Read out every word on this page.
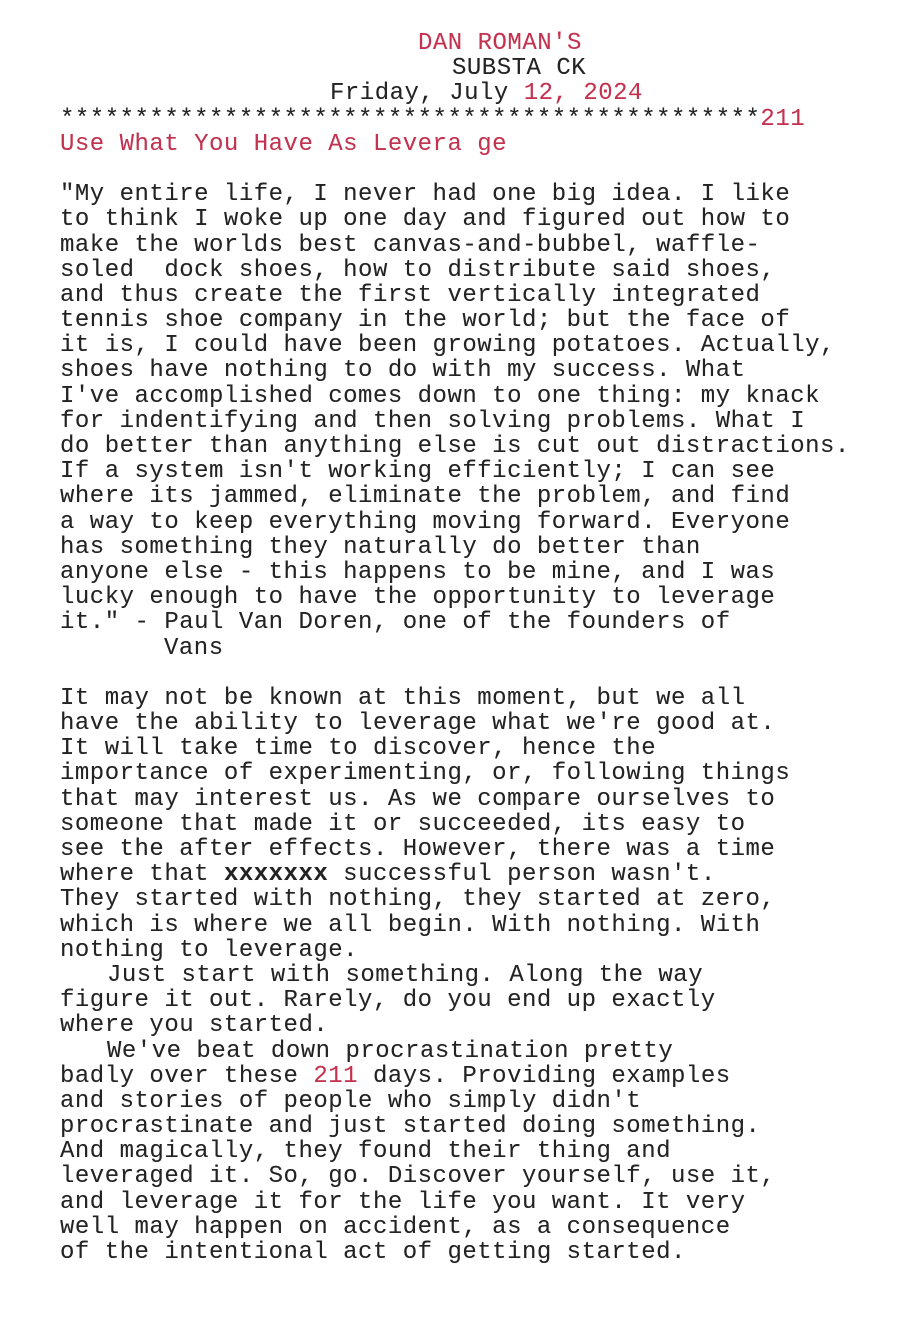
DAN ROMAN'S
SUBSTA CK
Friday, July 12, 2024
***********************************************211
Use What You Have As Levera ge
"My entire life, I never had one big idea. I like
to think I woke up one day and figured out how to
make the worlds best canvas-and-bubbel, waffle-
soled  dock shoes, how to distribute said shoes,
and thus create the first vertically integrated
tennis shoe company in the world; but the face of
it is, I could have been growing potatoes. Actually,
shoes have nothing to do with my success. What
I've accomplished comes down to one thing: my knack
for indentifying and then solving problems. What I
do better than anything else is cut out distractions.
If a system isn't working efficiently; I can see
where its jammed, eliminate the problem, and find
a way to keep everything moving forward. Everyone
has something they naturally do better than
anyone else - this happens to be mine, and I was
lucky enough to have the opportunity to leverage
it." - Paul Van Doren, one of the founders of
Vans
It may not be known at this moment, but we all
have the ability to leverage what we're good at.
It will take time to discover, hence the
importance of experimenting, or, following things
that may interest us. As we compare ourselves to
someone that made it or succeeded, its easy to
see the after effects. However, there was a time
where that xxxxxxx successful person wasn't.
They started with nothing, they started at zero,
which is where we all begin. With nothing. With
nothing to leverage.
Just start with something. Along the way
figure it out. Rarely, do you end up exactly
where you started.
We've beat down procrastination pretty
badly over these 211 days. Providing examples
and stories of people who simply didn't
procrastinate and just started doing something.
And magically, they found their thing and
leveraged it. So, go. Discover yourself, use it,
and leverage it for the life you want. It very
well may happen on accident, as a consequence
of the intentional act of getting started.
